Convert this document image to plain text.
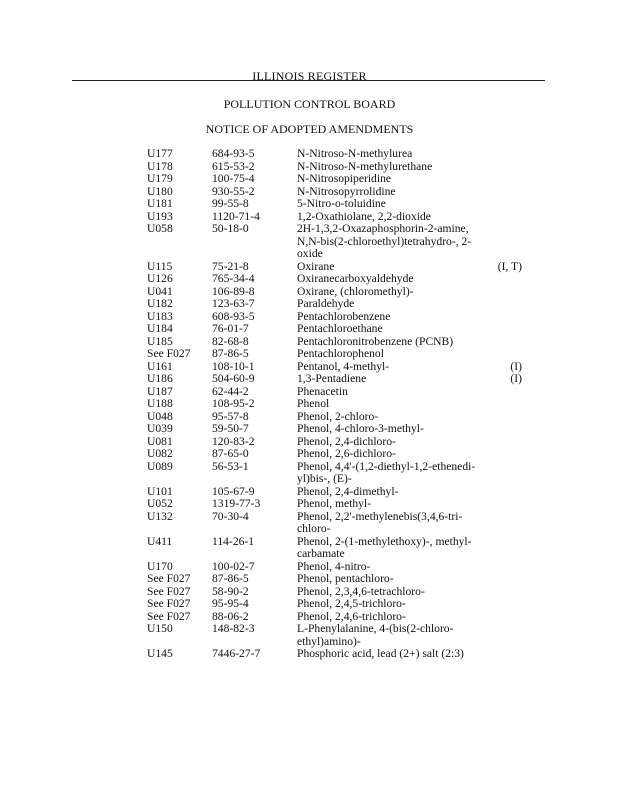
ILLINOIS REGISTER
POLLUTION CONTROL BOARD
NOTICE OF ADOPTED AMENDMENTS
U177	684-93-5	N-Nitroso-N-methylurea
U178	615-53-2	N-Nitroso-N-methylurethane
U179	100-75-4	N-Nitrosopiperidine
U180	930-55-2	N-Nitrosopyrrolidine
U181	99-55-8	5-Nitro-o-toluidine
U193	1120-71-4	1,2-Oxathiolane, 2,2-dioxide
U058	50-18-0	2H-1,3,2-Oxazaphosphorin-2-amine,
N,N-bis(2-chloroethyl)tetrahydro-, 2-
oxide
U115	75-21-8	Oxirane	(I, T)
U126	765-34-4	Oxiranecarboxyaldehyde
U041	106-89-8	Oxirane, (chloromethyl)-
U182	123-63-7	Paraldehyde
U183	608-93-5	Pentachlorobenzene
U184	76-01-7	Pentachloroethane
U185	82-68-8	Pentachloronitrobenzene (PCNB)
See F027 87-86-5	Pentachlorophenol
U161	108-10-1	Pentanol, 4-methyl-	(I)
U186	504-60-9	1,3-Pentadiene	(I)
U187	62-44-2	Phenacetin
U188	108-95-2	Phenol
U048	95-57-8	Phenol, 2-chloro-
U039	59-50-7	Phenol, 4-chloro-3-methyl-
U081	120-83-2	Phenol, 2,4-dichloro-
U082	87-65-0	Phenol, 2,6-dichloro-
U089	56-53-1	Phenol, 4,4'-(1,2-diethyl-1,2-ethenedi-
yl)bis-, (E)-
U101	105-67-9	Phenol, 2,4-dimethyl-
U052	1319-77-3	Phenol, methyl-
U132	70-30-4	Phenol, 2,2'-methylenebis(3,4,6-tri-
chloro-
U411	114-26-1	Phenol, 2-(1-methylethoxy)-, methyl-
carbamate
U170	100-02-7	Phenol, 4-nitro-
See F027 87-86-5	Phenol, pentachloro-
See F027 58-90-2	Phenol, 2,3,4,6-tetrachloro-
See F027 95-95-4	Phenol, 2,4,5-trichloro-
See F027 88-06-2	Phenol, 2,4,6-trichloro-
U150	148-82-3	L-Phenylalanine, 4-(bis(2-chloro-
ethyl)amino)-
U145	7446-27-7	Phosphoric acid, lead (2+) salt (2:3)
